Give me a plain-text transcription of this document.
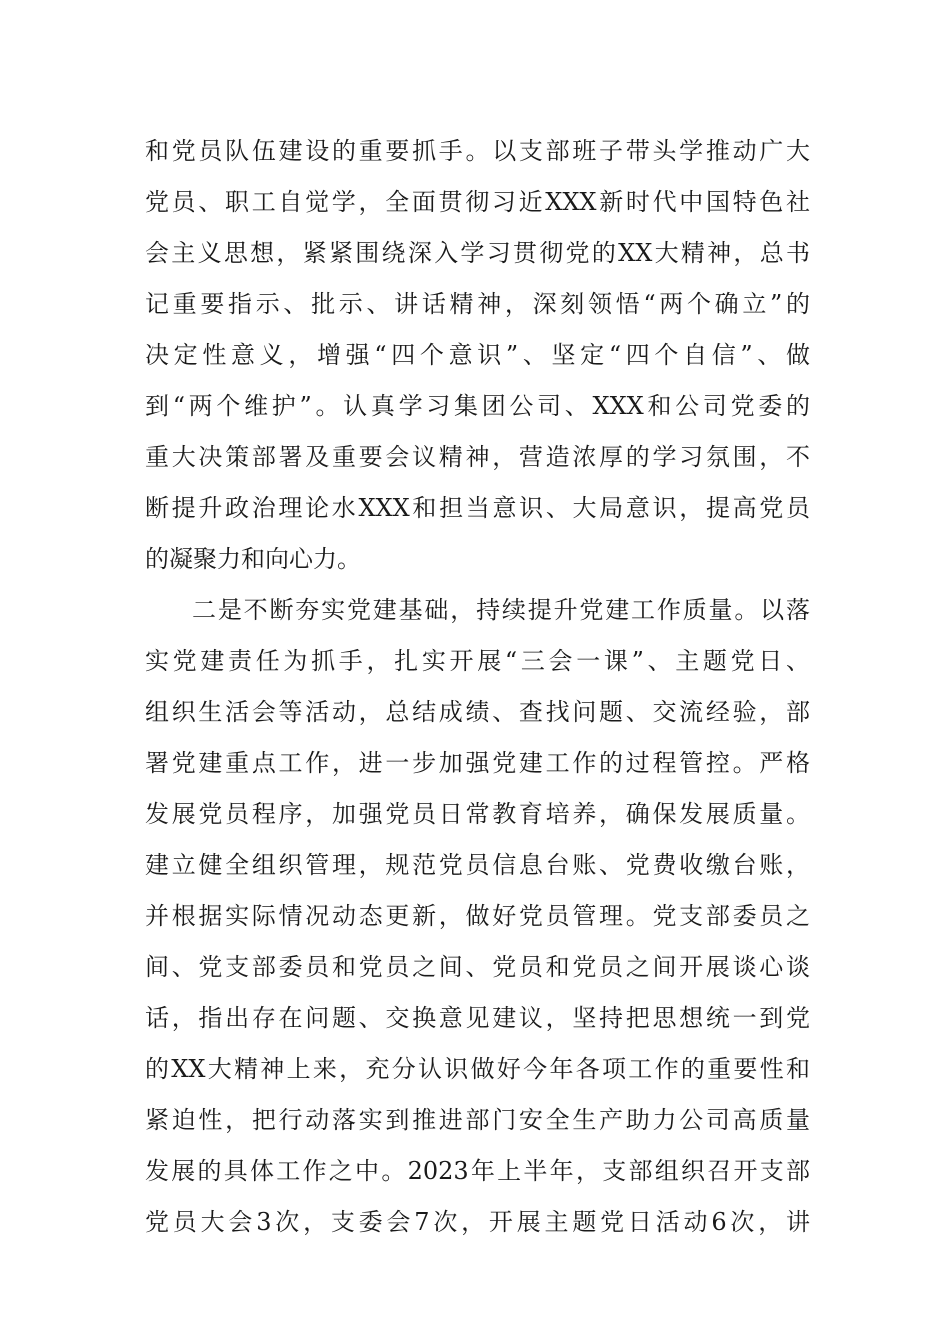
和党员队伍建设的重要抓手。以支部班子带头学推动广大
党员、职工自觉学，全面贯彻习近XXX新时代中国特色社
会主义思想，紧紧围绕深入学习贯彻党的XX大精神，总书
记重要指示、批示、讲话精神，深刻领悟“两个确立”的
决定性意义，增强“四个意识”、坚定“四个自信”、做
到“两个维护”。认真学习集团公司、XXX和公司党委的
重大决策部署及重要会议精神，营造浓厚的学习氛围，不
断提升政治理论水XXX和担当意识、大局意识，提高党员
的凝聚力和向心力。
二是不断夯实党建基础，持续提升党建工作质量。以落
实党建责任为抓手，扎实开展“三会一课”、主题党日、
组织生活会等活动，总结成绩、查找问题、交流经验，部
署党建重点工作，进一步加强党建工作的过程管控。严格
发展党员程序，加强党员日常教育培养，确保发展质量。
建立健全组织管理，规范党员信息台账、党费收缴台账，
并根据实际情况动态更新，做好党员管理。党支部委员之
间、党支部委员和党员之间、党员和党员之间开展谈心谈
话，指出存在问题、交换意见建议，坚持把思想统一到党
的XX大精神上来，充分认识做好今年各项工作的重要性和
紧迫性，把行动落实到推进部门安全生产助力公司高质量
发展的具体工作之中。2023年上半年，支部组织召开支部
党员大会3次，支委会7次，开展主题党日活动6次，讲
